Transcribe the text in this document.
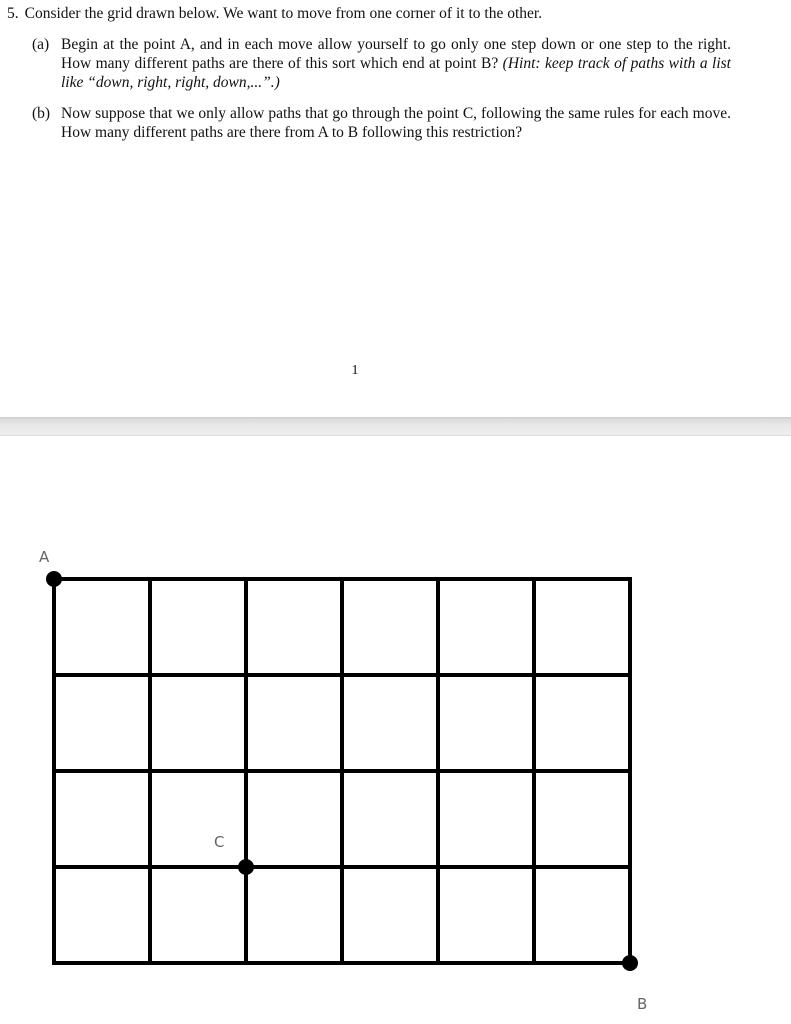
5. Consider the grid drawn below. We want to move from one corner of it to the other.

(a) Begin at the point A, and in each move allow yourself to go only one step down or one step to the right. How many different paths are there of this sort which end at point B? (Hint: keep track of paths with a list like “down, right, right, down,...”.)
(b) Now suppose that we only allow paths that go through the point C, following the same rules for each move. How many different paths are there from A to B following this restriction?
1
A
C
B
